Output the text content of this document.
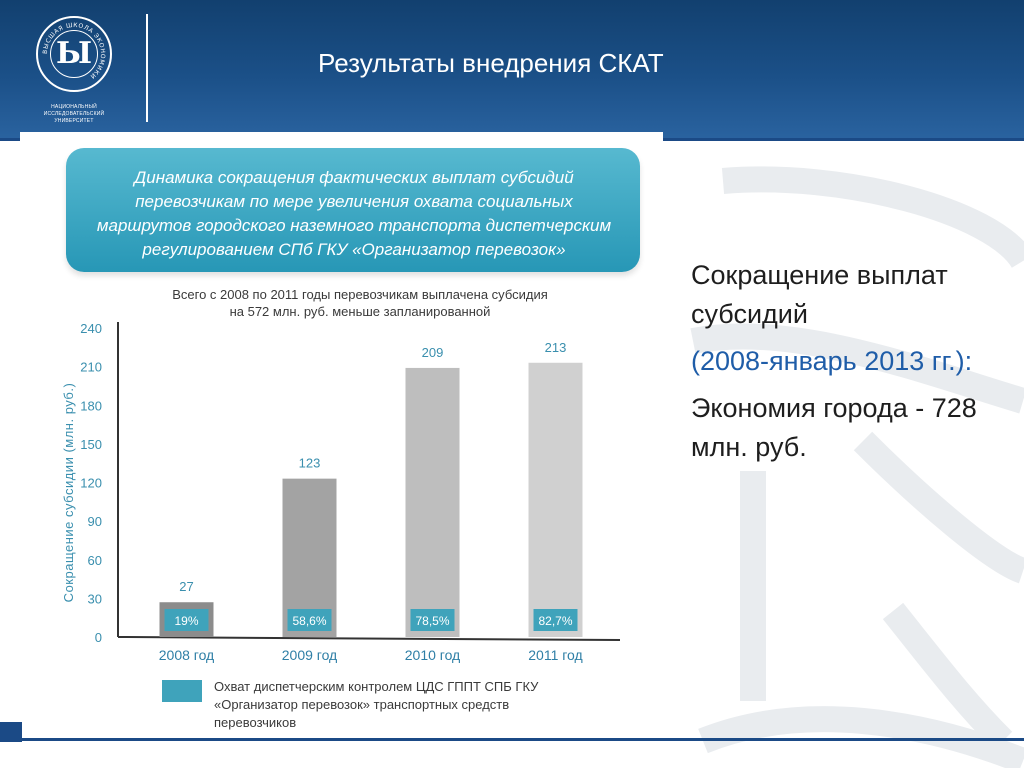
ВЫСШАЯ ШКОЛА ЭКОНОМИКИ
Ы
НАЦИОНАЛЬНЫЙ ИССЛЕДОВАТЕЛЬСКИЙ
УНИВЕРСИТЕТ
Результаты внедрения СКАТ
Динамика сокращения фактических выплат субсидий перевозчикам по мере увеличения охвата социальных маршрутов городского наземного транспорта диспетчерским регулированием СПб ГКУ «Организатор перевозок»
Всего с 2008 по 2011 годы перевозчикам выплачена субсидия
на 572 млн. руб. меньше запланированной
0
30
60
90
120
150
180
210
240
Сокращение субсидии (млн. руб.)	27
19%
2008 год
123
58,6%
2009 год
209
78,5%
2010 год
213
82,7%
2011 год
Охват диспетчерским контролем ЦДС ГППТ СПБ ГКУ «Организатор перевозок» транспортных средств перевозчиков

Сокращение выплат субсидий

(2008-январь 2013 гг.):

Экономия города - 728 млн. руб.
